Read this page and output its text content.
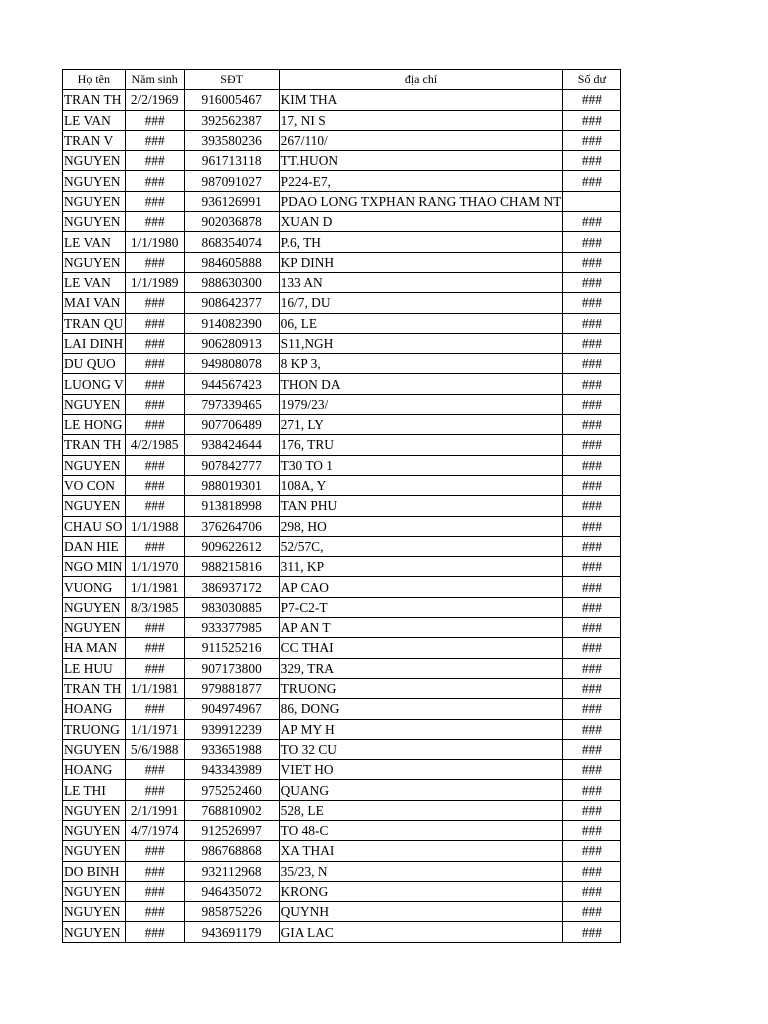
Họ tên	Năm sinh	SĐT	địa chỉ	Số dư
TRAN TH	2/2/1969	916005467	KIM THA	###
LE VAN	###	392562387	17, NI S	###
TRAN V	###	393580236	267/110/	###
NGUYEN	###	961713118	TT.HUON	###
NGUYEN	###	987091027	P224-E7,	###
NGUYEN	###	936126991	PDAO LONG TXPHAN RANG THAO CHAM NT	
NGUYEN	###	902036878	XUAN D	###
LE VAN	1/1/1980	868354074	P.6, TH	###
NGUYEN	###	984605888	KP DINH	###
LE VAN	1/1/1989	988630300	133 AN	###
MAI VAN	###	908642377	16/7, DU	###
TRAN QU	###	914082390	06, LE	###
LAI DINH	###	906280913	S11,NGH	###
DU QUO	###	949808078	8 KP 3,	###
LUONG V	###	944567423	THON DA	###
NGUYEN	###	797339465	1979/23/	###
LE HONG	###	907706489	271, LY	###
TRAN TH	4/2/1985	938424644	176, TRU	###
NGUYEN	###	907842777	T30 TO 1	###
VO CON	###	988019301	108A, Y	###
NGUYEN	###	913818998	TAN PHU	###
CHAU SO	1/1/1988	376264706	298, HO	###
DAN HIE	###	909622612	52/57C,	###
NGO MIN	1/1/1970	988215816	311, KP	###
VUONG	1/1/1981	386937172	AP CAO	###
NGUYEN	8/3/1985	983030885	P7-C2-T	###
NGUYEN	###	933377985	AP AN T	###
HA MAN	###	911525216	CC THAI	###
LE HUU	###	907173800	329, TRA	###
TRAN TH	1/1/1981	979881877	TRUONG	###
HOANG	###	904974967	86, DONG	###
TRUONG	1/1/1971	939912239	AP MY H	###
NGUYEN	5/6/1988	933651988	TO 32 CU	###
HOANG	###	943343989	VIET HO	###
LE THI	###	975252460	QUANG	###
NGUYEN	2/1/1991	768810902	528, LE	###
NGUYEN	4/7/1974	912526997	TO 48-C	###
NGUYEN	###	986768868	XA THAI	###
DO BINH	###	932112968	35/23, N	###
NGUYEN	###	946435072	KRONG	###
NGUYEN	###	985875226	QUYNH	###
NGUYEN	###	943691179	GIA LAC	###
